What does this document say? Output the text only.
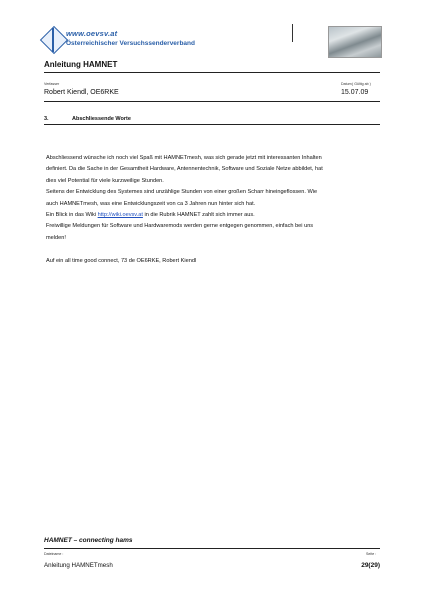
www.oevsv.at
Österreichischer Versuchssenderverband
Anleitung HAMNET
Verfasser	Datum ( Gültig ab )
Robert Kiendl, OE6RKE	15.07.09
3.	Abschliessende Worte

Abschliessend wünsche ich noch viel Spaß mit HAMNETmesh, was sich gerade jetzt mit interessanten Inhalten

definiert. Da die Sache in der Gesamtheit Hardware, Antennentechnik, Software und Soziale Netze abbildet, hat

dies viel Potential für viele kurzweilige Stunden.

Seitens der Entwicklung des Systemes sind unzählige Stunden von einer großen Scharr hineingeflossen. Wie

auch HAMNETmesh, was eine Entwicklungszeit von ca 3 Jahren nun hinter sich hat.

Ein Blick in das Wiki http://wiki.oevsv.at in die Rubrik HAMNET zahlt sich immer aus.

Freiwillige Meldungen für Software und Hardwaremods werden gerne entgegen genommen, einfach bei uns

melden!

Auf ein all time good connect, 73 de OE6RKE, Robert Kiendl

HAMNET – connecting hams
Dateiname :	Seite :
Anleitung HAMNETmesh	29(29)
